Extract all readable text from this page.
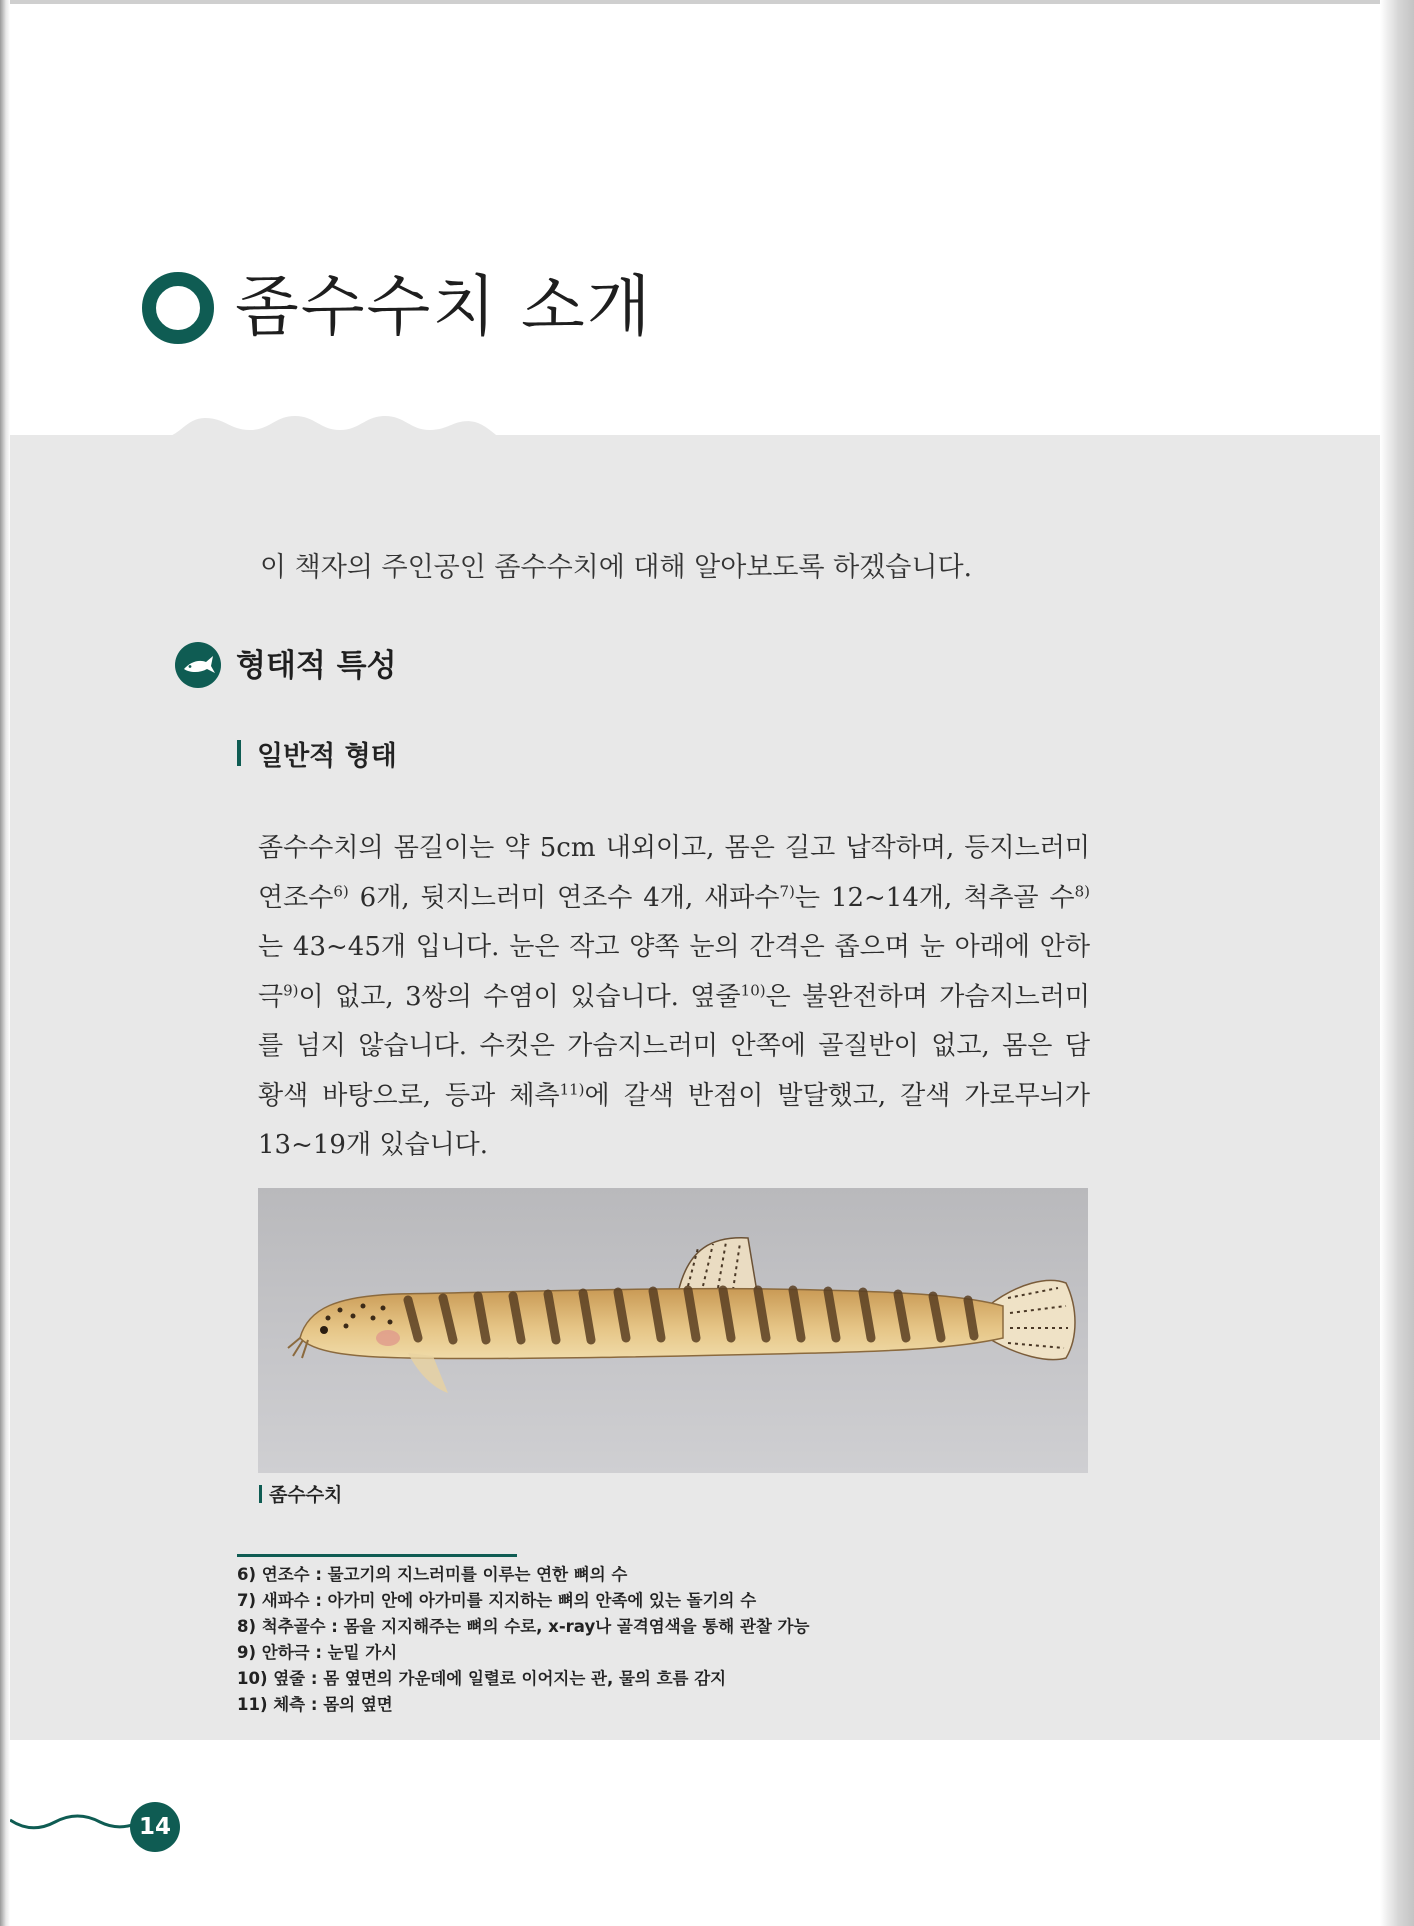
좀수수치 소개
이 책자의 주인공인 좀수수치에 대해 알아보도록 하겠습니다.
형태적 특성
일반적 형태
좀수수치의 몸길이는 약 5cm 내외이고, 몸은 길고 납작하며, 등지느러미
연조수$^{6)}$ 6개, 뒷지느러미 연조수 4개, 새파수$^{7)}$는 12~14개, 척추골 수$^{8)}$
는 43~45개 입니다. 눈은 작고 양쪽 눈의 간격은 좁으며 눈 아래에 안하
극$^{9)}$이 없고, 3쌍의 수염이 있습니다. 옆줄$^{10)}$은 불완전하며 가슴지느러미
를 넘지 않습니다. 수컷은 가슴지느러미 안쪽에 골질반이 없고, 몸은 담
황색 바탕으로, 등과 체측$^{11)}$에 갈색 반점이 발달했고, 갈색 가로무늬가
13~19개 있습니다.
좀수수치
6) 연조수 : 물고기의 지느러미를 이루는 연한 뼈의 수
7) 새파수 : 아가미 안에 아가미를 지지하는 뼈의 안족에 있는 돌기의 수
8) 척추골수 : 몸을 지지해주는 뼈의 수로, x-ray나 골격염색을 통해 관찰 가능
9) 안하극 : 눈밑 가시
10) 옆줄 : 몸 옆면의 가운데에 일렬로 이어지는 관, 물의 흐름 감지
11) 체측 : 몸의 옆면
14
